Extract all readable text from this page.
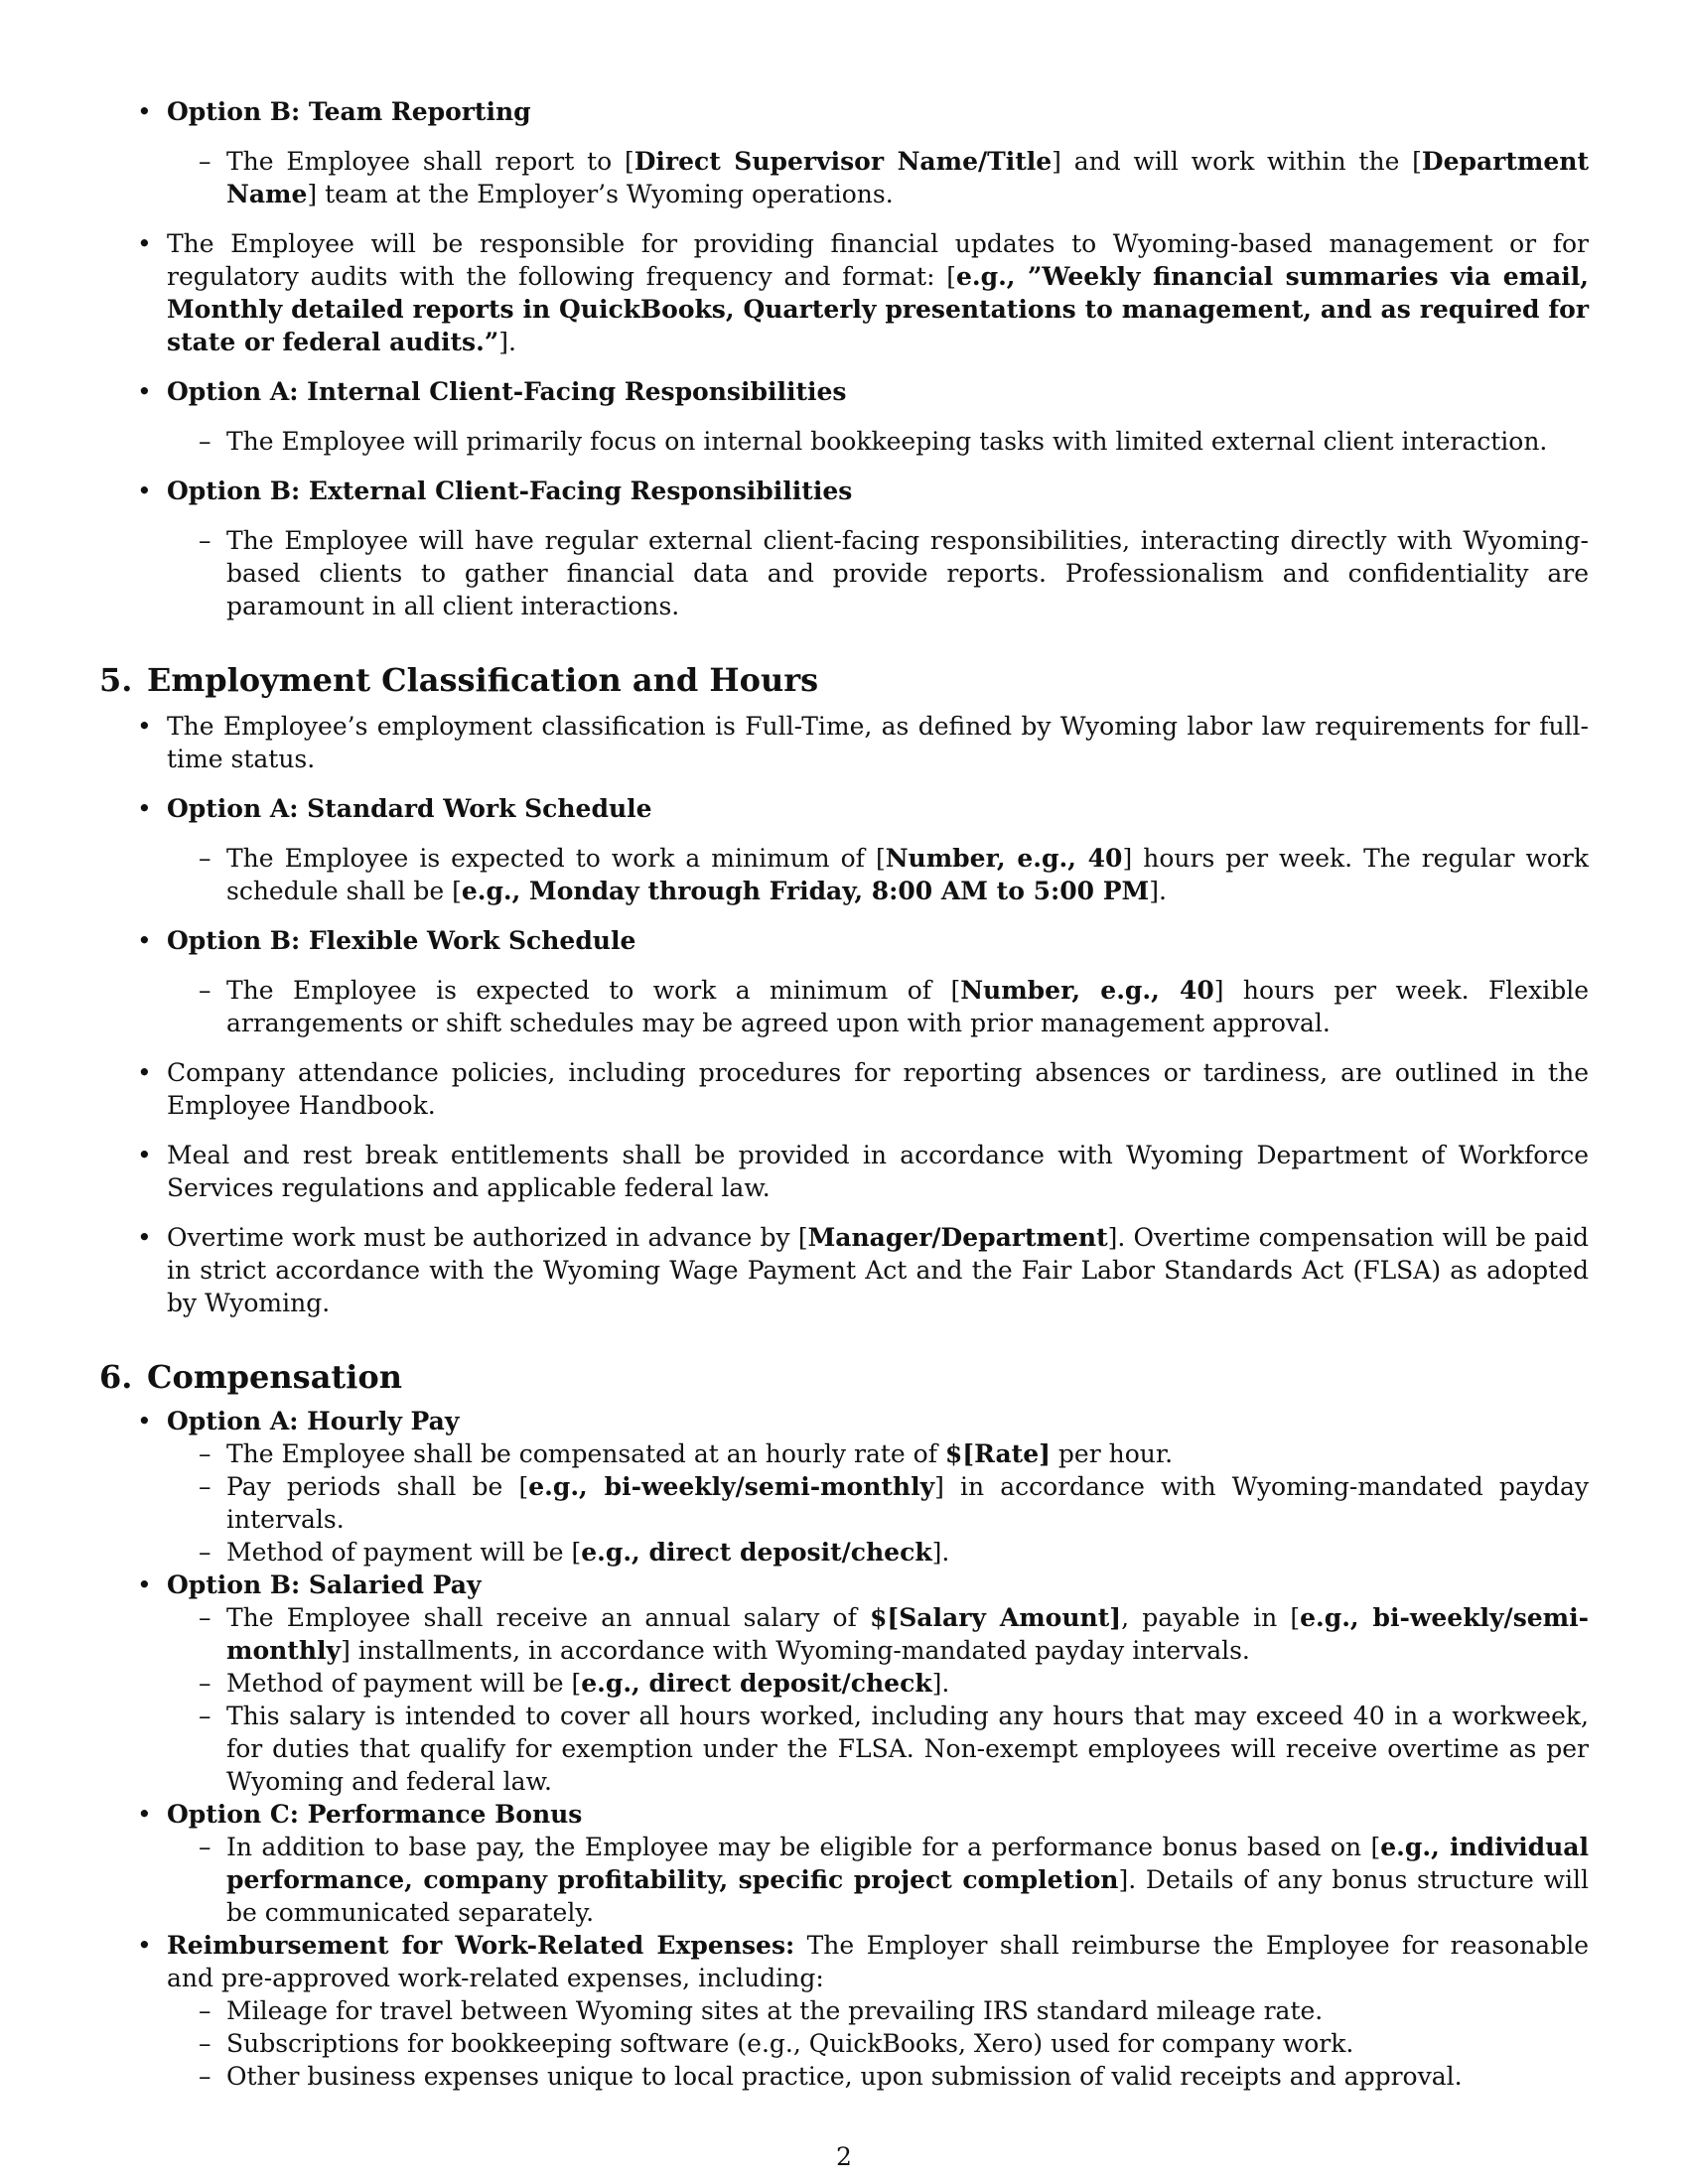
• Option B: Team Reporting
– The Employee shall report to [Direct Supervisor Name/Title] and will work within the [Department Name] team at the Employer’s Wyoming operations.
• The Employee will be responsible for providing financial updates to Wyoming-based management or for regulatory audits with the following frequency and format: [e.g., ”Weekly financial summaries via email, Monthly detailed reports in QuickBooks, Quarterly presentations to management, and as required for state or federal audits.”].
• Option A: Internal Client-Facing Responsibilities
– The Employee will primarily focus on internal bookkeeping tasks with limited external client interaction.
• Option B: External Client-Facing Responsibilities
– The Employee will have regular external client-facing responsibilities, interacting directly with Wyoming-based clients to gather financial data and provide reports. Professionalism and confidentiality are paramount in all client interactions.
5. Employment Classification and Hours
• The Employee’s employment classification is Full-Time, as defined by Wyoming labor law requirements for full-time status.
• Option A: Standard Work Schedule
– The Employee is expected to work a minimum of [Number, e.g., 40] hours per week. The regular work schedule shall be [e.g., Monday through Friday, 8:00 AM to 5:00 PM].
• Option B: Flexible Work Schedule
– The Employee is expected to work a minimum of [Number, e.g., 40] hours per week. Flexible arrangements or shift schedules may be agreed upon with prior management approval.
• Company attendance policies, including procedures for reporting absences or tardiness, are outlined in the Employee Handbook.
• Meal and rest break entitlements shall be provided in accordance with Wyoming Department of Workforce Services regulations and applicable federal law.
• Overtime work must be authorized in advance by [Manager/Department]. Overtime compensation will be paid in strict accordance with the Wyoming Wage Payment Act and the Fair Labor Standards Act (FLSA) as adopted by Wyoming.
6. Compensation
• Option A: Hourly Pay
– The Employee shall be compensated at an hourly rate of $[Rate] per hour.
– Pay periods shall be [e.g., bi-weekly/semi-monthly] in accordance with Wyoming-mandated payday intervals.
– Method of payment will be [e.g., direct deposit/check].
• Option B: Salaried Pay
– The Employee shall receive an annual salary of $[Salary Amount], payable in [e.g., bi-weekly/semi-monthly] installments, in accordance with Wyoming-mandated payday intervals.
– Method of payment will be [e.g., direct deposit/check].
– This salary is intended to cover all hours worked, including any hours that may exceed 40 in a workweek, for duties that qualify for exemption under the FLSA. Non-exempt employees will receive overtime as per Wyoming and federal law.
• Option C: Performance Bonus
– In addition to base pay, the Employee may be eligible for a performance bonus based on [e.g., individual performance, company profitability, specific project completion]. Details of any bonus structure will be communicated separately.
• Reimbursement for Work-Related Expenses: The Employer shall reimburse the Employee for reasonable and pre-approved work-related expenses, including:
– Mileage for travel between Wyoming sites at the prevailing IRS standard mileage rate.
– Subscriptions for bookkeeping software (e.g., QuickBooks, Xero) used for company work.
– Other business expenses unique to local practice, upon submission of valid receipts and approval.
2
